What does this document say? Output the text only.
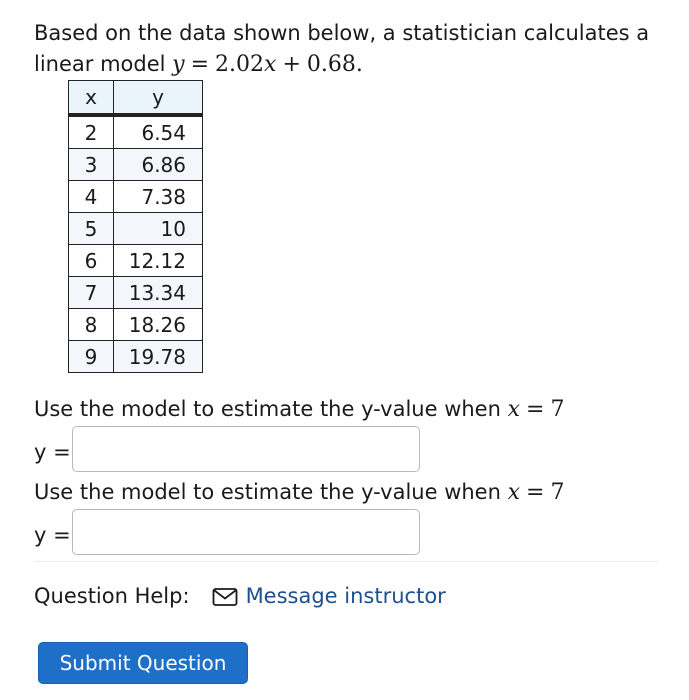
Based on the data shown below, a statistician calculates a linear model y = 2.02x + 0.68.
x	y
2	6.54
3	6.86
4	7.38
5	10
6	12.12
7	13.34
8	18.26
9	19.78
Use the model to estimate the y-value when x = 7
y =
Use the model to estimate the y-value when x = 7
y =
Question Help:	Message instructor
Submit Question
